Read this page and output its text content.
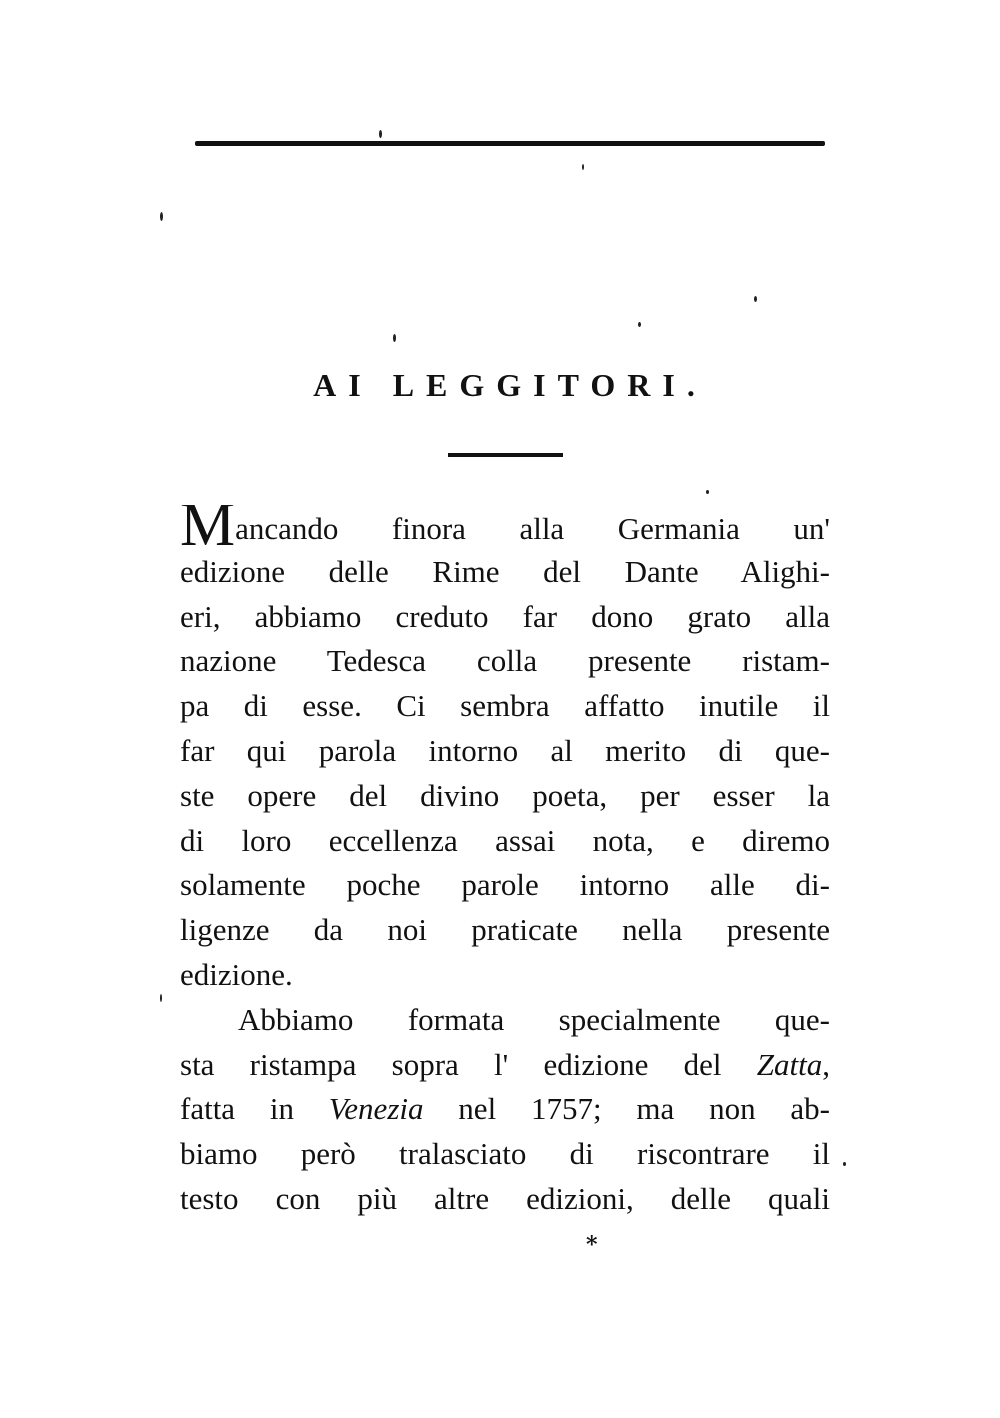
AI LEGGITORI.
Mancando finora alla Germania un'
edizione delle Rime del Dante Alighi-
eri, abbiamo creduto far dono grato alla
nazione Tedesca colla presente ristam-
pa di esse. Ci sembra affatto inutile il
far qui parola intorno al merito di que-
ste opere del divino poeta, per esser la
di loro eccellenza assai nota, e diremo
solamente poche parole intorno alle di-
ligenze da noi praticate nella presente
edizione.
Abbiamo formata specialmente que-
sta ristampa sopra l' edizione del Zatta,
fatta in Venezia nel 1757; ma non ab-
biamo però tralasciato di riscontrare il
testo con più altre edizioni, delle quali
*
